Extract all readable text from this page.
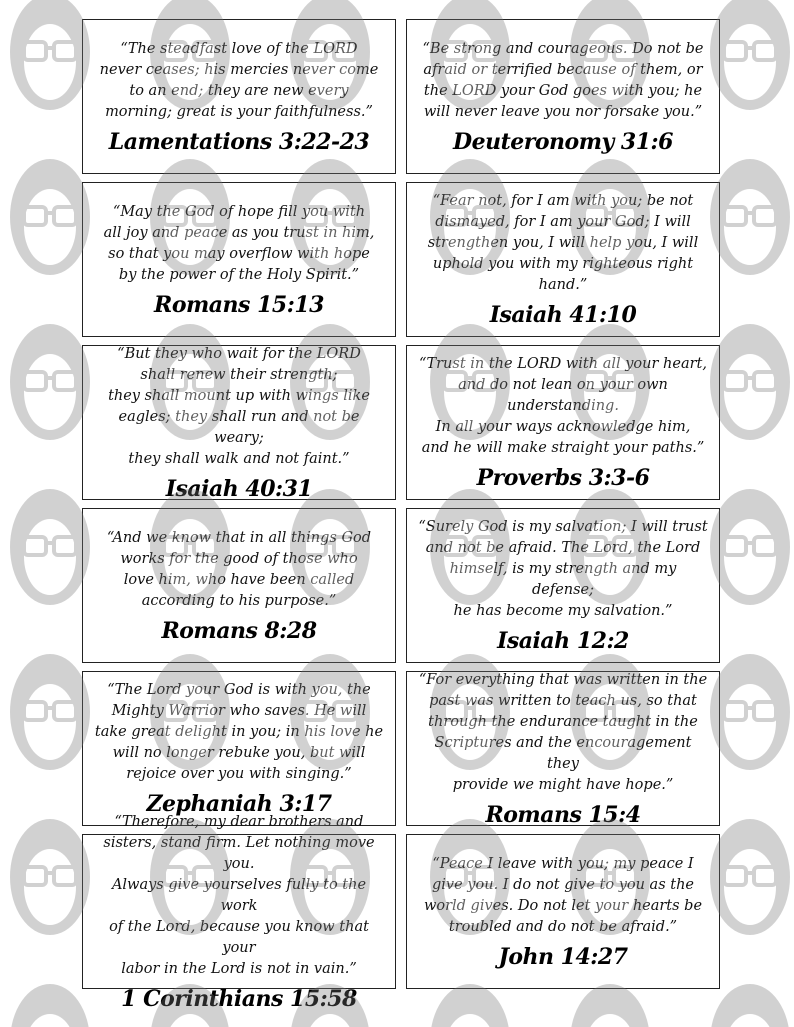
“The steadfast love of the LORD
never ceases; his mercies never come
to an end; they are new every
morning; great is your faithfulness.”
Lamentations 3:22-23
“Be strong and courageous. Do not be
afraid or terrified because of them, or
the LORD your God goes with you; he
will never leave you nor forsake you.”
Deuteronomy 31:6
“May the God of hope fill you with
all joy and peace as you trust in him,
so that you may overflow with hope
by the power of the Holy Spirit.”
Romans 15:13
“Fear not, for I am with you; be not
dismayed, for I am your God; I will
strengthen you, I will help you, I will
uphold you with my righteous right hand.”
Isaiah 41:10
“But they who wait for the LORD
shall renew their strength;
they shall mount up with wings like
eagles; they shall run and not be weary;
they shall walk and not faint.”
Isaiah 40:31
“Trust in the LORD with all your heart,
and do not lean on your own understanding.
In all your ways acknowledge him,
and he will make straight your paths.”
Proverbs 3:3-6
“And we know that in all things God
works for the good of those who
love him, who have been called
according to his purpose.”
Romans 8:28
“Surely God is my salvation; I will trust
and not be afraid. The Lord, the Lord
himself, is my strength and my defense;
he has become my salvation.”
Isaiah 12:2
“The Lord your God is with you, the
Mighty Warrior who saves. He will
take great delight in you; in his love he
will no longer rebuke you, but will
rejoice over you with singing.”
Zephaniah 3:17
“For everything that was written in the
past was written to teach us, so that
through the endurance taught in the
Scriptures and the encouragement they
provide we might have hope.”
Romans 15:4
“Therefore, my dear brothers and
sisters, stand firm. Let nothing move you.
Always give yourselves fully to the work
of the Lord, because you know that your
labor in the Lord is not in vain.”
1 Corinthians 15:58
“Peace I leave with you; my peace I
give you. I do not give to you as the
world gives. Do not let your hearts be
troubled and do not be afraid.”
John 14:27
